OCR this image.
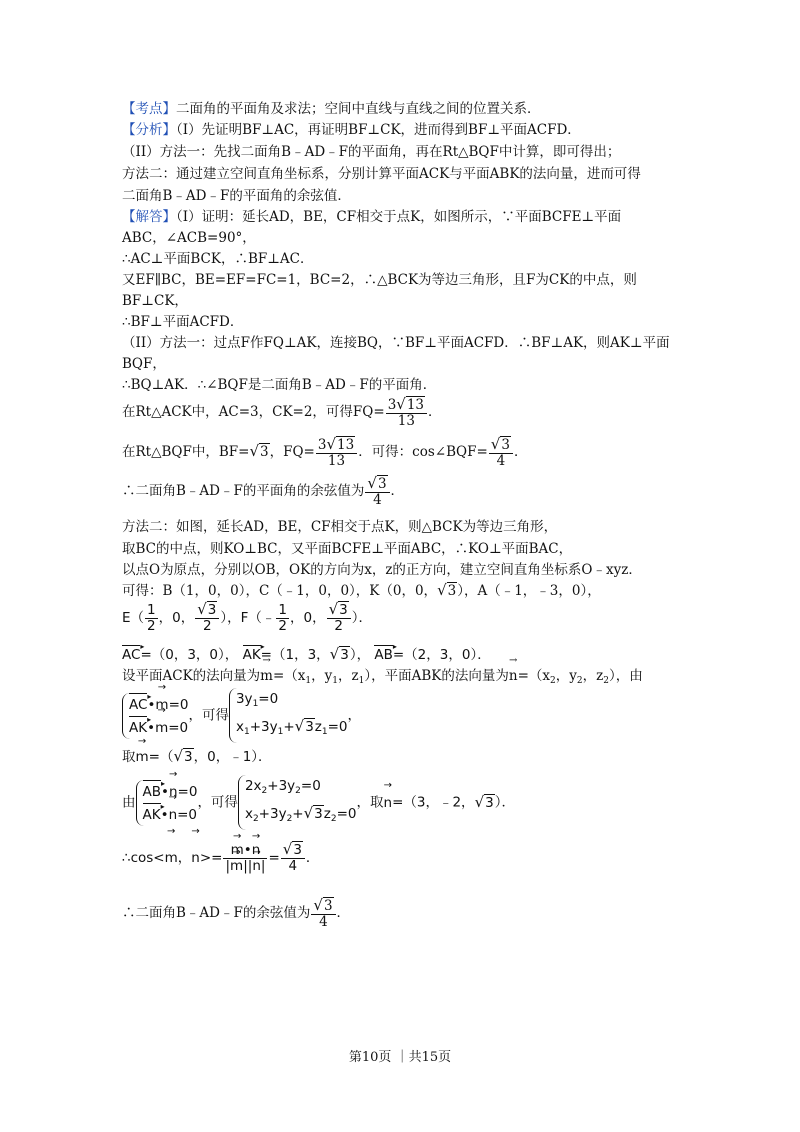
【考点】二面角的平面角及求法；空间中直线与直线之间的位置关系．
【分析】（I）先证明BF⊥AC，再证明BF⊥CK，进而得到BF⊥平面ACFD．
（II）方法一：先找二面角B﹣AD﹣F的平面角，再在Rt△BQF中计算，即可得出；
方法二：通过建立空间直角坐标系，分别计算平面ACK与平面ABK的法向量，进而可得
二面角B﹣AD﹣F的平面角的余弦值．
【解答】（I）证明：延长AD，BE，CF相交于点K，如图所示，∵平面BCFE⊥平面
ABC，∠ACB=90°，
∴AC⊥平面BCK，∴BF⊥AC．
又EF∥BC，BE=EF=FC=1，BC=2，∴△BCK为等边三角形，且F为CK的中点，则
BF⊥CK，
∴BF⊥平面ACFD．
（II）方法一：过点F作FQ⊥AK，连接BQ，∵BF⊥平面ACFD．∴BF⊥AK，则AK⊥平面
BQF，
∴BQ⊥AK．∴∠BQF是二面角B﹣AD﹣F的平面角．
在Rt△ACK中，AC=3，CK=2，可得$FQ= \frac{3√13}{13}$ ．
在Rt△BQF中，BF=√3，$FQ= \frac{3√13}{13}$ ．可得：cos∠BQF= $\frac{√3}{4}$ ．
∴二面角B﹣AD﹣F的平面角的余弦值为 $\frac{√3}{4}$ ．
方法二：如图，延长AD，BE，CF相交于点K，则△BCK为等边三角形，
取BC的中点，则KO⊥BC，又平面BCFE⊥平面ABC，∴KO⊥平面BAC，
以点O为原点，分别以OB，OK的方向为x，z的正方向，建立空间直角坐标系O﹣xyz．
可得：B（1，0，0），C（﹣1，0，0），K（0，0，√3），A（﹣1，﹣3，0），
$E( \frac{1}{2}$ ，0， $\frac{√3}{2}$ ），F（﹣ $\frac{1}{2}$ ，0， $\frac{√3}{2}$ ）．
AC ▸=（0，3，0）， AK ▸=（1，3，√3）， AB ▸=（2，3，0）．
设平面ACK的法向量为→ $m=(x_1$，$y_1$，$z_1$），平面ABK的法向量为→ $n=(x_2$，$y_2$，$z_2$），由
AC ▸•→ m=0
AK ▸•→ m=0
，可得
$3y_1=0$
$x_1+3y_1+√3z_1=0$
，
取→ m=（√3，0，﹣1）．
由
AB ▸•→ n=0
AK ▸•→ n=0
，可得
$2x_2+3y_2=0$
$x_2+3y_2+√3z_2=0$
，取→ n=（3，﹣2，√3）．
∴cos<→ m，→ n>=
→ $\frac{m•\to n}{|\to m||\to n|} = \frac{√3}{4}$ ．
∴二面角B﹣AD﹣F的余弦值为 $\frac{√3}{4}$ ．
第10页 ｜共15页
